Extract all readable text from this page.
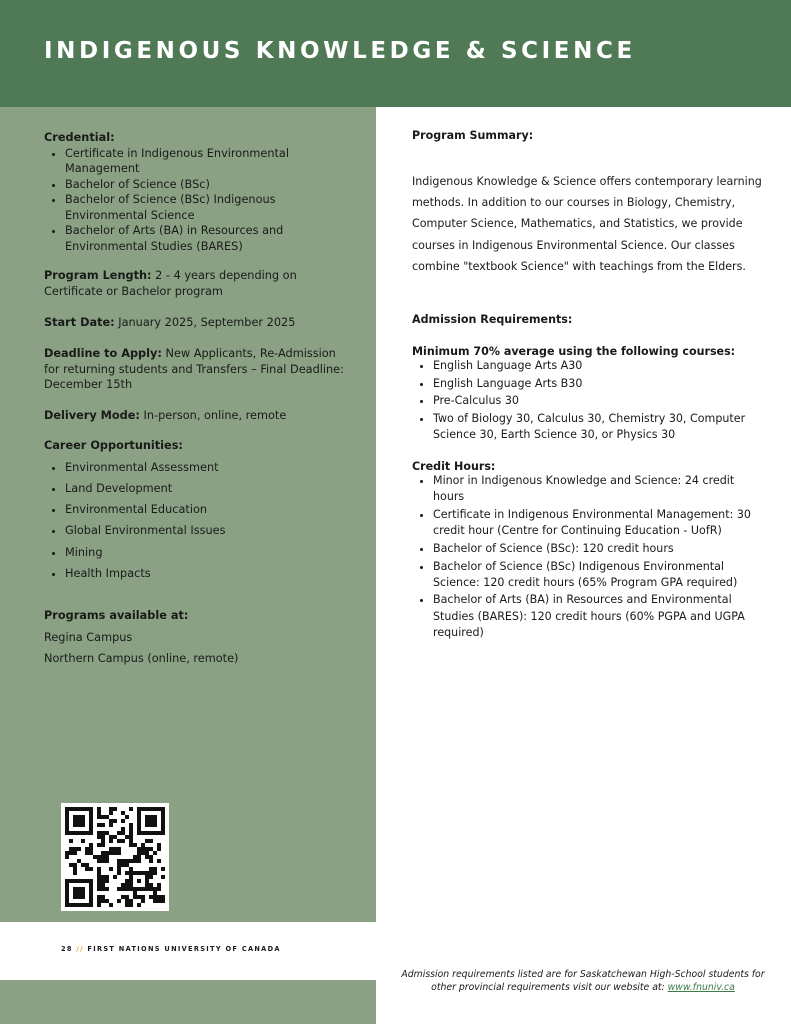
INDIGENOUS KNOWLEDGE & SCIENCE
Credential:
• Certificate in Indigenous Environmental Management
• Bachelor of Science (BSc)
• Bachelor of Science (BSc) Indigenous Environmental Science
• Bachelor of Arts (BA) in Resources and Environmental Studies (BARES)
Program Length: 2 - 4 years depending on Certificate or Bachelor program
Start Date: January 2025, September 2025
Deadline to Apply: New Applicants, Re-Admission for returning students and Transfers – Final Deadline: December 15th
Delivery Mode: In-person, online, remote
Career Opportunities:
• Environmental Assessment
• Land Development
• Environmental Education
• Global Environmental Issues
• Mining
• Health Impacts
Programs available at:
Regina Campus
Northern Campus (online, remote)

Program Summary:

Indigenous Knowledge & Science offers contemporary learning methods. In addition to our courses in Biology, Chemistry, Computer Science, Mathematics, and Statistics, we provide courses in Indigenous Environmental Science. Our classes combine "textbook Science" with teachings from the Elders.

Admission Requirements:

Minimum 70% average using the following courses:

• English Language Arts A30
• English Language Arts B30
• Pre-Calculus 30
• Two of Biology 30, Calculus 30, Chemistry 30, Computer Science 30, Earth Science 30, or Physics 30

Credit Hours:

• Minor in Indigenous Knowledge and Science: 24 credit hours
• Certificate in Indigenous Environmental Management: 30 credit hour (Centre for Continuing Education - UofR)
• Bachelor of Science (BSc): 120 credit hours
• Bachelor of Science (BSc) Indigenous Environmental Science: 120 credit hours (65% Program GPA required)
• Bachelor of Arts (BA) in Resources and Environmental Studies (BARES): 120 credit hours (60% PGPA and UGPA required)
28 // FIRST NATIONS UNIVERSITY OF CANADA
Admission requirements listed are for Saskatchewan High-School students for other provincial requirements visit our website at: www.fnuniv.ca
